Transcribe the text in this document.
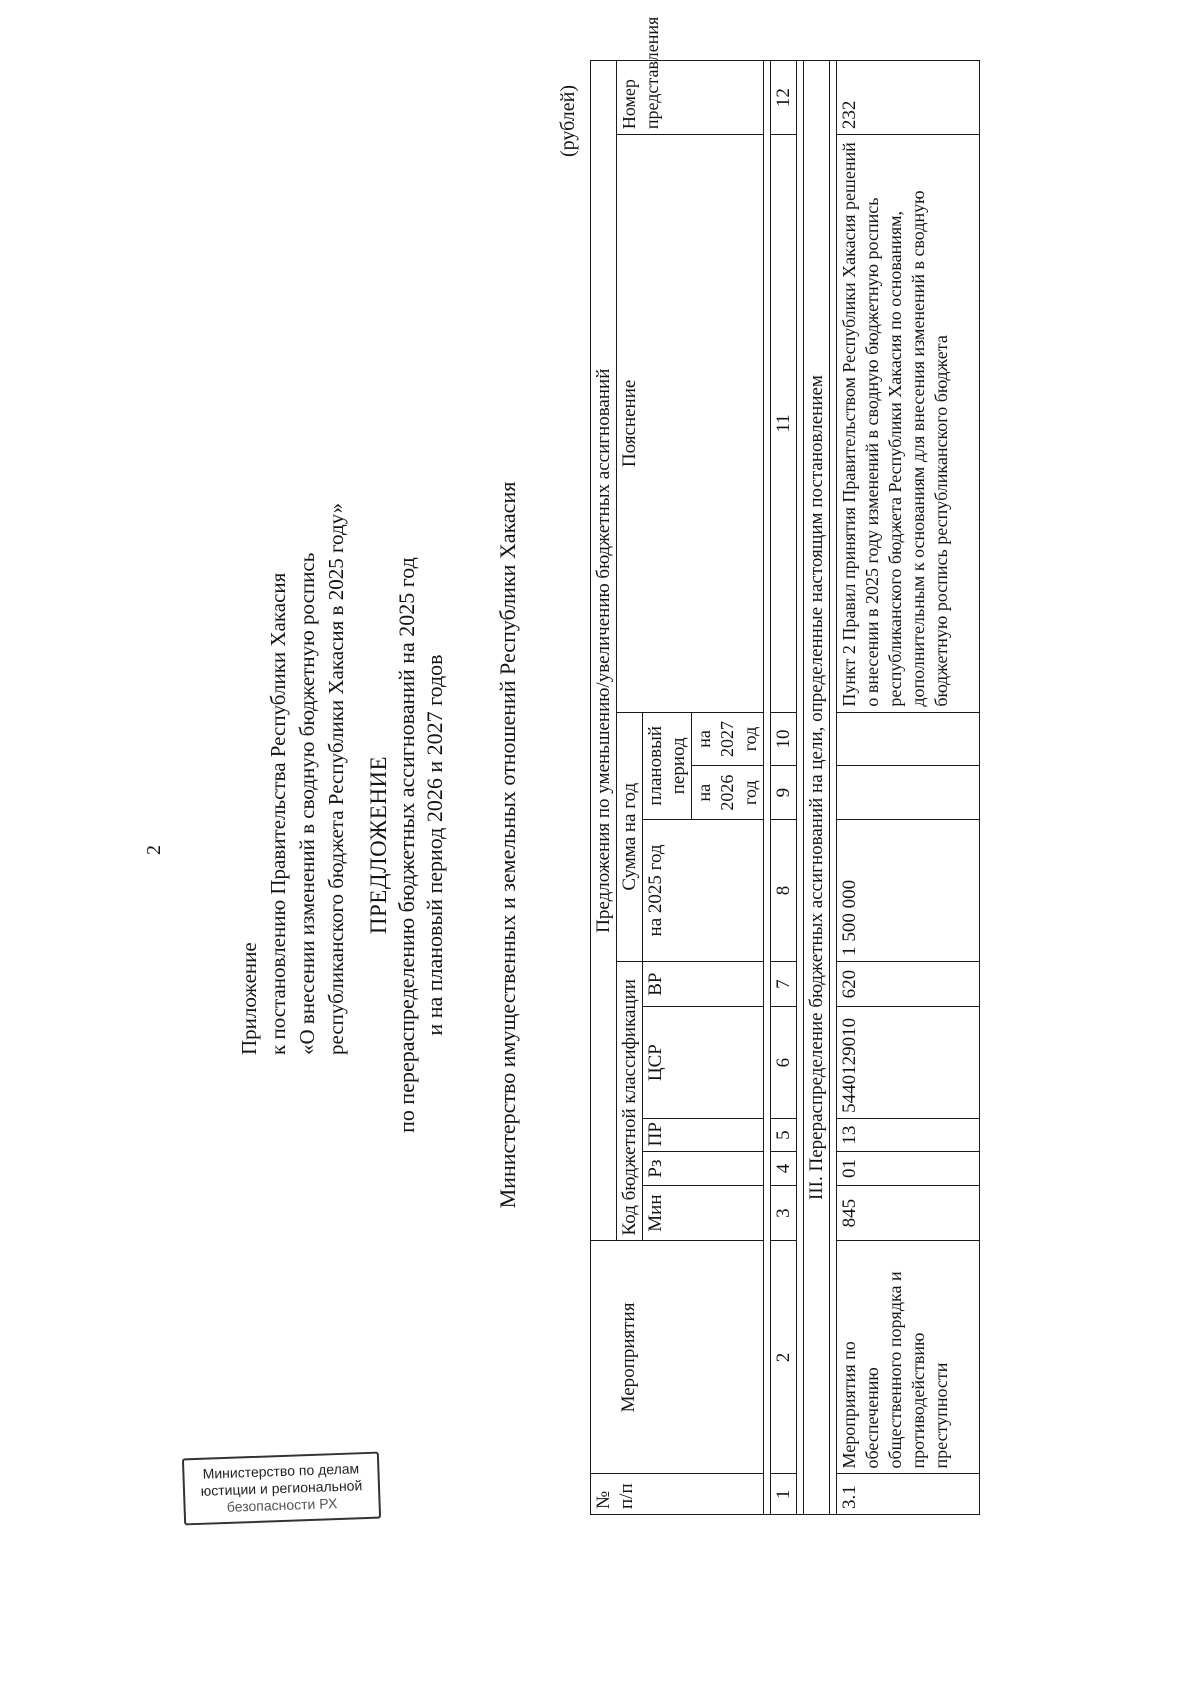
2
Приложение к постановлению Правительства Республики Хакасия «О внесении изменений в сводную бюджетную роспись республиканского бюджета Республики Хакасия в 2025 году» ПРЕДЛОЖЕНИЕ по перераспределению бюджетных ассигнований на 2025 год и на плановый период 2026 и 2027 годов Министерство имущественных и земельных отношений Республики Хакасия
(рублей)
№ п/п	Мероприятия	Предложения по уменьшению/увеличению бюджетных ассигнований									
		Код бюджетной классификации					Сумма на год			Пояснение	Номер представления
		Мин	Рз	ПР	ЦСР	ВР	на 2025 год	плановый период			
								на 2026 год	на 2027 год		

1	2	3	4	5	6	7	8	9	10	11	12

III. Перераспределение бюджетных ассигнований на цели, определенные настоящим постановлением											

3.1	Мероприятия по обеспечению общественного порядка и противодействию преступности	845	01	13	5440129010	620	1 500 000			Пункт 2 Правил принятия Правительством Республики Хакасия решений о внесении в 2025 году изменений в сводную бюджетную роспись республиканского бюджета Республики Хакасия по основаниям, дополнительным к основаниям для внесения изменений в сводную бюджетную роспись республиканского бюджета	232
Министерство по делам
юстиции и региональной
безопасности РХ
